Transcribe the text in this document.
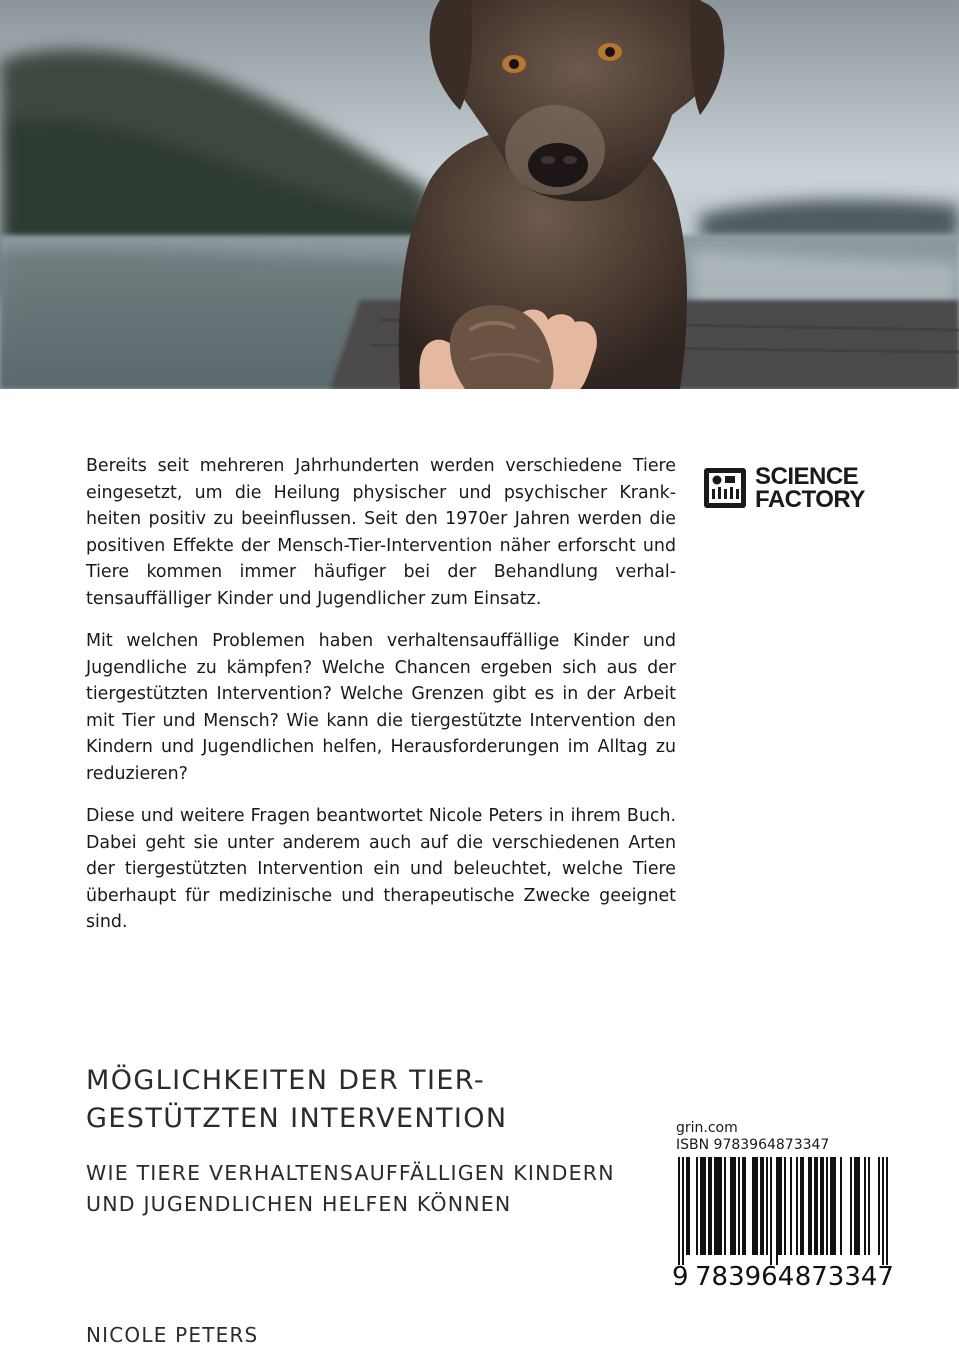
Bereits seit mehreren Jahrhunderten werden verschiedene Tiere eingesetzt, um die Heilung physischer und psychischer Krankheiten positiv zu beeinflussen. Seit den 1970er Jahren werden die positiven Effekte der Mensch-Tier-Intervention näher erforscht und Tiere kommen immer häufiger bei der Behandlung verhaltensauffälliger Kinder und Jugendlicher zum Einsatz.

Mit welchen Problemen haben verhaltensauffällige Kinder und Jugendliche zu kämpfen? Welche Chancen ergeben sich aus der tiergestützten Intervention? Welche Grenzen gibt es in der Arbeit mit Tier und Mensch? Wie kann die tiergestützte Intervention den Kindern und Jugendlichen helfen, Herausforderungen im Alltag zu reduzieren?

Diese und weitere Fragen beantwortet Nicole Peters in ihrem Buch. Dabei geht sie unter anderem auch auf die verschiedenen Arten der tiergestützten Intervention ein und beleuchtet, welche Tiere überhaupt für medizinische und therapeutische Zwecke geeignet sind.

SCIENCE
FACTORY
MÖGLICHKEITEN DER TIER-GESTÜTZTEN INTERVENTION
WIE TIERE VERHALTENSAUFFÄLLIGEN KINDERN UND JUGENDLICHEN HELFEN KÖNNEN
NICOLE PETERS
grin.com
ISBN 9783964873347
9 783964 873347
